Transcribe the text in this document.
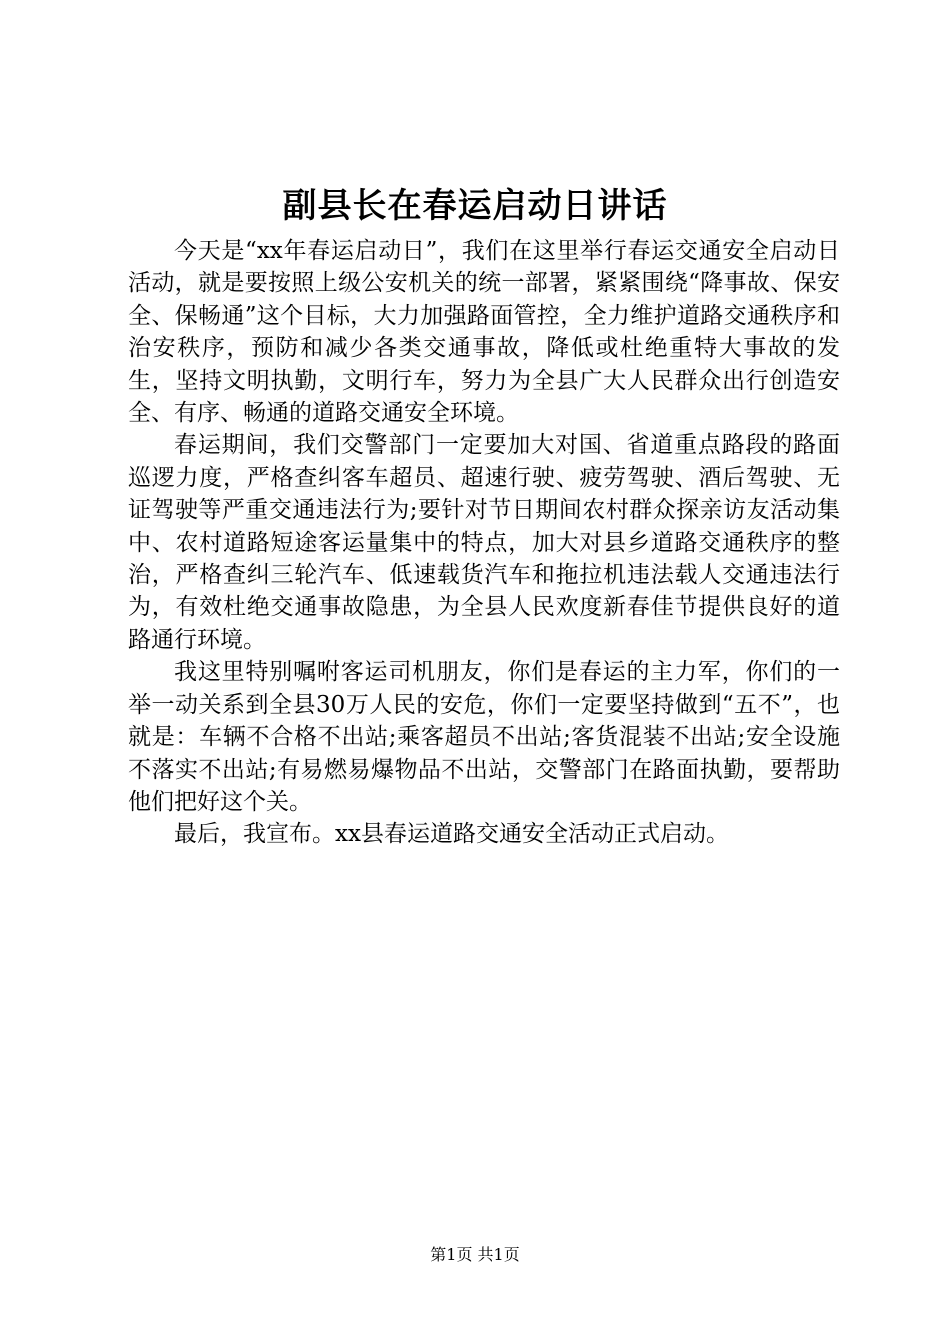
副县长在春运启动日讲话

今天是“xx年春运启动日”，我们在这里举行春运交通安全启动日活动，就是要按照上级公安机关的统一部署，紧紧围绕“降事故、保安全、保畅通”这个目标，大力加强路面管控，全力维护道路交通秩序和治安秩序，预防和减少各类交通事故，降低或杜绝重特大事故的发生，坚持文明执勤，文明行车，努力为全县广大人民群众出行创造安全、有序、畅通的道路交通安全环境。

春运期间，我们交警部门一定要加大对国、省道重点路段的路面巡逻力度，严格查纠客车超员、超速行驶、疲劳驾驶、酒后驾驶、无证驾驶等严重交通违法行为;要针对节日期间农村群众探亲访友活动集中、农村道路短途客运量集中的特点，加大对县乡道路交通秩序的整治，严格查纠三轮汽车、低速载货汽车和拖拉机违法载人交通违法行为，有效杜绝交通事故隐患，为全县人民欢度新春佳节提供良好的道路通行环境。

我这里特别嘱咐客运司机朋友，你们是春运的主力军，你们的一举一动关系到全县30万人民的安危，你们一定要坚持做到“五不”，也就是：车辆不合格不出站;乘客超员不出站;客货混装不出站;安全设施不落实不出站;有易燃易爆物品不出站，交警部门在路面执勤，要帮助他们把好这个关。

最后，我宣布。xx县春运道路交通安全活动正式启动。

第1页 共1页
